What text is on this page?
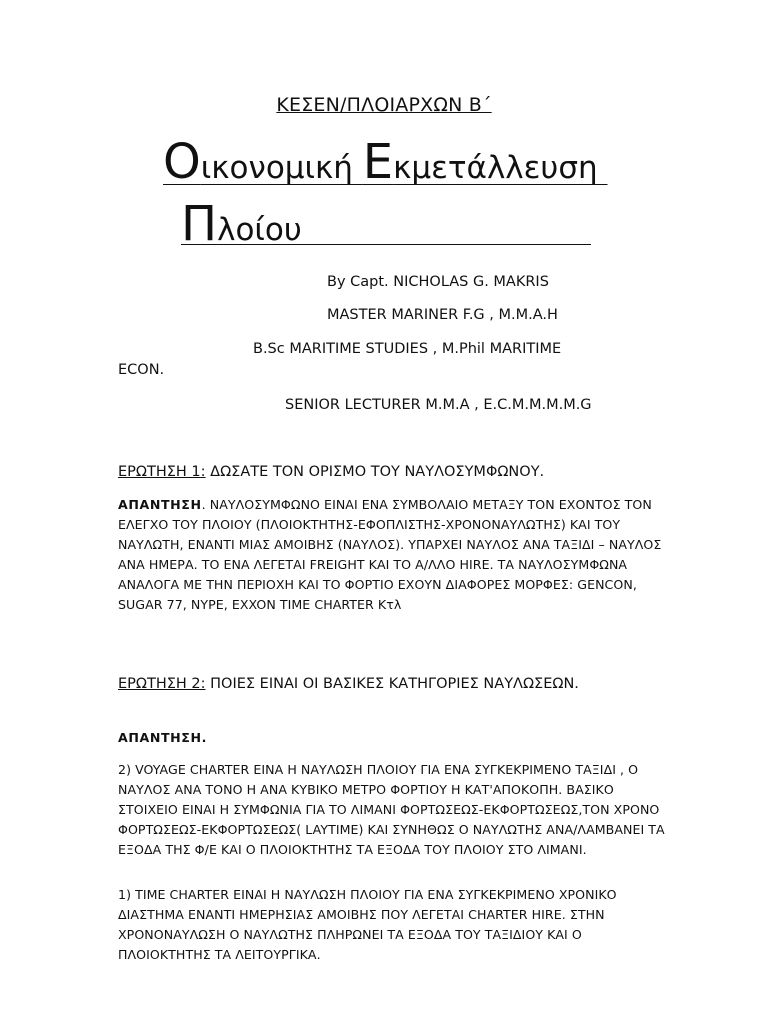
ΚΕΣΕΝ/ΠΛΟΙΑΡΧΩΝ Β΄
Οικονομική Εκμετάλλευση
Πλοίου
By Capt. NICHOLAS G. MAKRIS
MASTER MARINER F.G , M.M.A.H
B.Sc MARITIME STUDIES , M.Phil MARITIME
ECON.
SENIOR LECTURER M.M.A , E.C.M.M.M.M.G
ΕΡΩΤΗΣΗ 1: ΔΩΣΑΤΕ ΤΟΝ ΟΡΙΣΜΟ ΤΟΥ ΝΑΥΛΟΣΥΜΦΩΝΟΥ.
ΑΠΑΝΤΗΣΗ. ΝΑΥΛΟΣΥΜΦΩΝΟ ΕΙΝΑΙ ΕΝΑ ΣΥΜΒΟΛΑΙΟ ΜΕΤΑΞΥ ΤΟΝ ΕΧΟΝΤΟΣ ΤΟΝ ΕΛΕΓΧΟ ΤΟΥ ΠΛΟΙΟΥ (ΠΛΟΙΟΚΤΗΤΗΣ-ΕΦΟΠΛΙΣΤΗΣ-ΧΡΟΝΟΝΑΥΛΩΤΗΣ) ΚΑΙ ΤΟΥ ΝΑΥΛΩΤΗ, ΕΝΑΝΤΙ ΜΙΑΣ ΑΜΟΙΒΗΣ (ΝΑΥΛΟΣ). ΥΠΑΡΧΕΙ ΝΑΥΛΟΣ ΑΝΑ ΤΑΞΙΔΙ – ΝΑΥΛΟΣ ΑΝΑ ΗΜΕΡΑ. ΤΟ ΕΝΑ ΛΕΓΕΤΑΙ FREIGHT ΚΑΙ ΤΟ Α/ΛΛΟ HIRE. ΤΑ ΝΑΥΛΟΣΥΜΦΩΝΑ ΑΝΑΛΟΓΑ ΜΕ ΤΗΝ ΠΕΡΙΟΧΗ ΚΑΙ ΤΟ ΦΟΡΤΙΟ ΕΧΟΥΝ ΔΙΑΦΟΡΕΣ ΜΟΡΦΕΣ: GENCON, SUGAR 77, NYPE, EXXON TIME CHARTER Κτλ
ΕΡΩΤΗΣΗ 2: ΠΟΙΕΣ ΕΙΝΑΙ ΟΙ ΒΑΣΙΚΕΣ ΚΑΤΗΓΟΡΙΕΣ ΝΑΥΛΩΣΕΩΝ.
ΑΠΑΝΤΗΣΗ.
2) VOYAGE CHARTER ΕΙΝΑ Η ΝΑΥΛΩΣΗ ΠΛΟΙΟΥ ΓΙΑ ΕΝΑ ΣΥΓΚΕΚΡΙΜΕΝΟ ΤΑΞΙΔΙ , Ο ΝΑΥΛΟΣ ΑΝΑ ΤΟΝΟ Η ΑΝΑ ΚΥΒΙΚΟ ΜΕΤΡΟ ΦΟΡΤΙΟΥ Η ΚΑΤ'ΑΠΟΚΟΠΗ. ΒΑΣΙΚΟ ΣΤΟΙΧΕΙΟ ΕΙΝΑΙ Η ΣΥΜΦΩΝΙΑ ΓΙΑ ΤΟ ΛΙΜΑΝΙ ΦΟΡΤΩΣΕΩΣ-ΕΚΦΟΡΤΩΣΕΩΣ,ΤΟΝ ΧΡΟΝΟ ΦΟΡΤΩΣΕΩΣ-ΕΚΦΟΡΤΩΣΕΩΣ( LAYTIME) ΚΑΙ ΣΥΝΗΘΩΣ Ο ΝΑΥΛΩΤΗΣ ΑΝΑ/ΛΑΜΒΑΝΕΙ ΤΑ ΕΞΟΔΑ ΤΗΣ Φ/Ε ΚΑΙ Ο ΠΛΟΙΟΚΤΗΤΗΣ ΤΑ ΕΞΟΔΑ ΤΟΥ ΠΛΟΙΟΥ ΣΤΟ ΛΙΜΑΝΙ.
1) TIME CHARTER ΕΙΝΑΙ Η ΝΑΥΛΩΣΗ ΠΛΟΙΟΥ ΓΙΑ ΕΝΑ ΣΥΓΚΕΚΡΙΜΕΝΟ ΧΡΟΝΙΚΟ ΔΙΑΣΤΗΜΑ ΕΝΑΝΤΙ ΗΜΕΡΗΣΙΑΣ ΑΜΟΙΒΗΣ ΠΟΥ ΛΕΓΕΤΑΙ CHARTER HIRE. ΣΤΗΝ ΧΡΟΝΟΝΑΥΛΩΣΗ Ο ΝΑΥΛΩΤΗΣ ΠΛΗΡΩΝΕΙ ΤΑ ΕΞΟΔΑ ΤΟΥ ΤΑΞΙΔΙΟΥ ΚΑΙ Ο ΠΛΟΙΟΚΤΗΤΗΣ ΤΑ ΛΕΙΤΟΥΡΓΙΚΑ.
